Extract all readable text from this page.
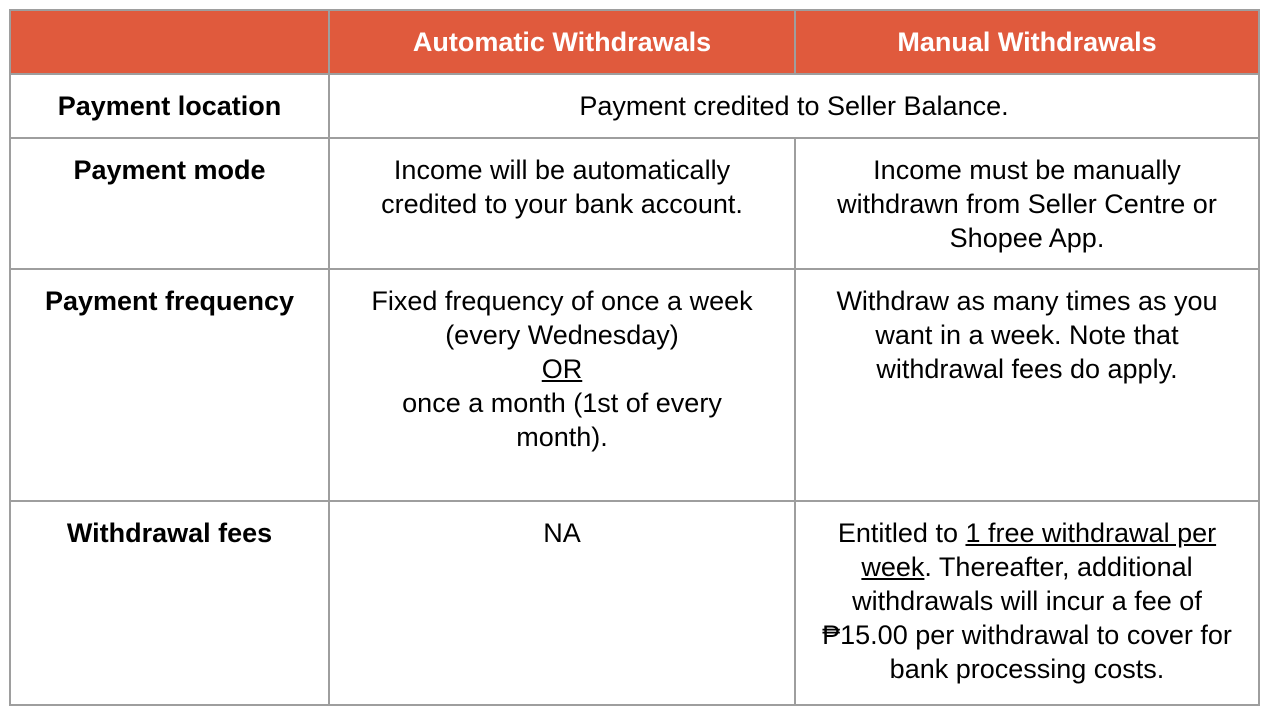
	Automatic Withdrawals	Manual Withdrawals

Payment location	Payment credited to Seller Balance.	

Payment mode	Income will be automatically credited to your bank account.	Income must be manually withdrawn from Seller Centre or Shopee App.

Payment frequency	Fixed frequency of once a week
(every Wednesday)
OR
once a month (1st of every month).	Withdraw as many times as you want in a week. Note that withdrawal fees do apply.

Withdrawal fees	NA	Entitled to 1 free withdrawal per week. Thereafter, additional withdrawals will incur a fee of ₱15.00 per withdrawal to cover for bank processing costs.
